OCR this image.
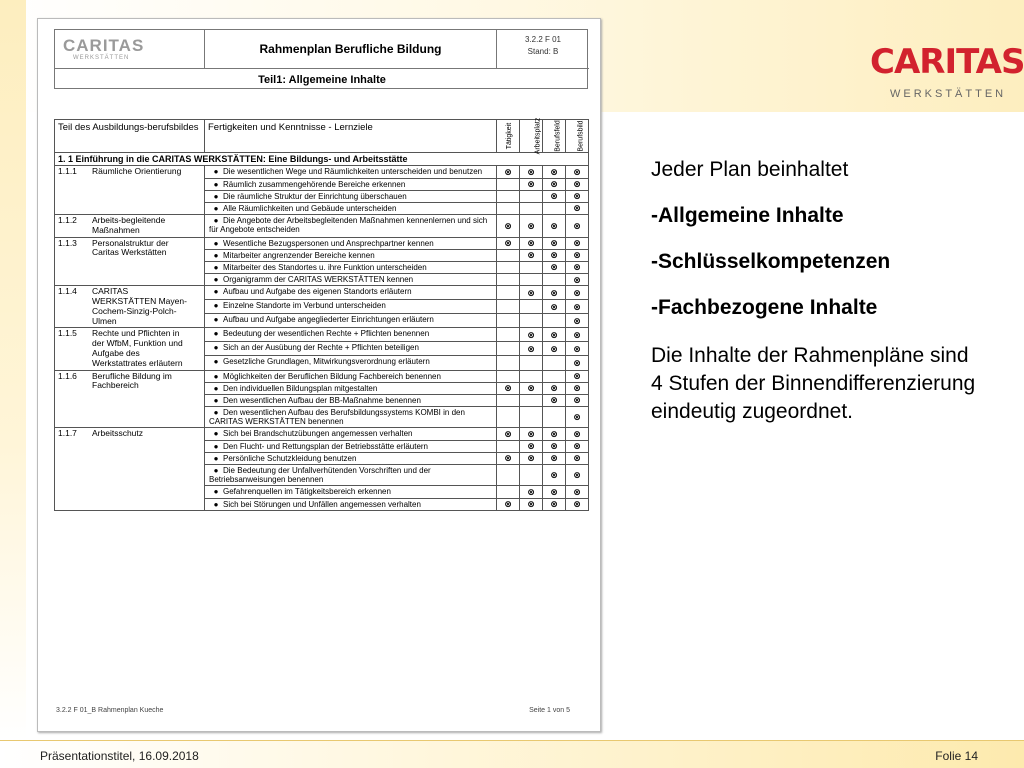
CARITAS
WERKSTÄTTEN
CARITAS
WERKSTÄTTEN
Rahmenplan Berufliche Bildung
3.2.2 F 01
Stand: B
Teil1: Allgemeine Inhalte
Teil des Ausbildungs-berufsbildes	Fertigkeiten und Kenntnisse - Lernziele	Tätigkeit	Arbeitsplatz	Berufsfeld	Berufsbild
1. 1 Einführung in die CARITAS WERKSTÄTTEN: Eine Bildungs- und Arbeitsstätte					
1.1.1 Räumliche Orientierung	● Die wesentlichen Wege und Räumlichkeiten unterscheiden und benutzen	⊗	⊗	⊗	⊗
	● Räumlich zusammengehörende Bereiche erkennen		⊗	⊗	⊗
	● Die räumliche Struktur der Einrichtung überschauen			⊗	⊗
	● Alle Räumlichkeiten und Gebäude unterscheiden				⊗
1.1.2 Arbeits-begleitende Maßnahmen	● Die Angebote der Arbeitsbegleitenden Maßnahmen kennenlernen und sich für Angebote entscheiden	⊗	⊗	⊗	⊗
1.1.3 Personalstruktur der Caritas Werkstätten	● Wesentliche Bezugspersonen und Ansprechpartner kennen	⊗	⊗	⊗	⊗
	● Mitarbeiter angrenzender Bereiche kennen		⊗	⊗	⊗
	● Mitarbeiter des Standortes u. ihre Funktion unterscheiden			⊗	⊗
	● Organigramm der CARITAS WERKSTÄTTEN kennen				⊗
1.1.4 CARITAS WERKSTÄTTEN Mayen-Cochem-Sinzig-Polch-Ulmen	● Aufbau und Aufgabe des eigenen Standorts erläutern		⊗	⊗	⊗
	● Einzelne Standorte im Verbund unterscheiden			⊗	⊗
	● Aufbau und Aufgabe angegliederter Einrichtungen erläutern				⊗
1.1.5 Rechte und Pflichten in der WfbM, Funktion und Aufgabe des Werkstattrates erläutern	● Bedeutung der wesentlichen Rechte + Pflichten benennen		⊗	⊗	⊗
	● Sich an der Ausübung der Rechte + Pflichten beteiligen		⊗	⊗	⊗
	● Gesetzliche Grundlagen, Mitwirkungsverordnung erläutern				⊗
1.1.6 Berufliche Bildung im Fachbereich	● Möglichkeiten der Beruflichen Bildung Fachbereich benennen				⊗
	● Den individuellen Bildungsplan mitgestalten	⊗	⊗	⊗	⊗
	● Den wesentlichen Aufbau der BB-Maßnahme benennen			⊗	⊗
	● Den wesentlichen Aufbau des Berufsbildungssystems KOMBI in den CARITAS WERKSTÄTTEN benennen				⊗
1.1.7 Arbeitsschutz	● Sich bei Brandschutzübungen angemessen verhalten	⊗	⊗	⊗	⊗
	● Den Flucht- und Rettungsplan der Betriebsstätte erläutern		⊗	⊗	⊗
	● Persönliche Schutzkleidung benutzen	⊗	⊗	⊗	⊗
	● Die Bedeutung der Unfallverhütenden Vorschriften und der Betriebsanweisungen benennen			⊗	⊗
	● Gefahrenquellen im Tätigkeitsbereich erkennen		⊗	⊗	⊗
	● Sich bei Störungen und Unfällen angemessen verhalten	⊗	⊗	⊗	⊗
3.2.2 F 01_B Rahmenplan Kueche	Seite 1 von 5
Jeder Plan beinhaltet
-Allgemeine Inhalte
-Schlüsselkompetenzen
-Fachbezogene Inhalte
Die Inhalte der Rahmenpläne sind 4 Stufen der Binnendifferenzierung eindeutig zugeordnet.
Präsentationstitel, 16.09.2018	Folie 14
